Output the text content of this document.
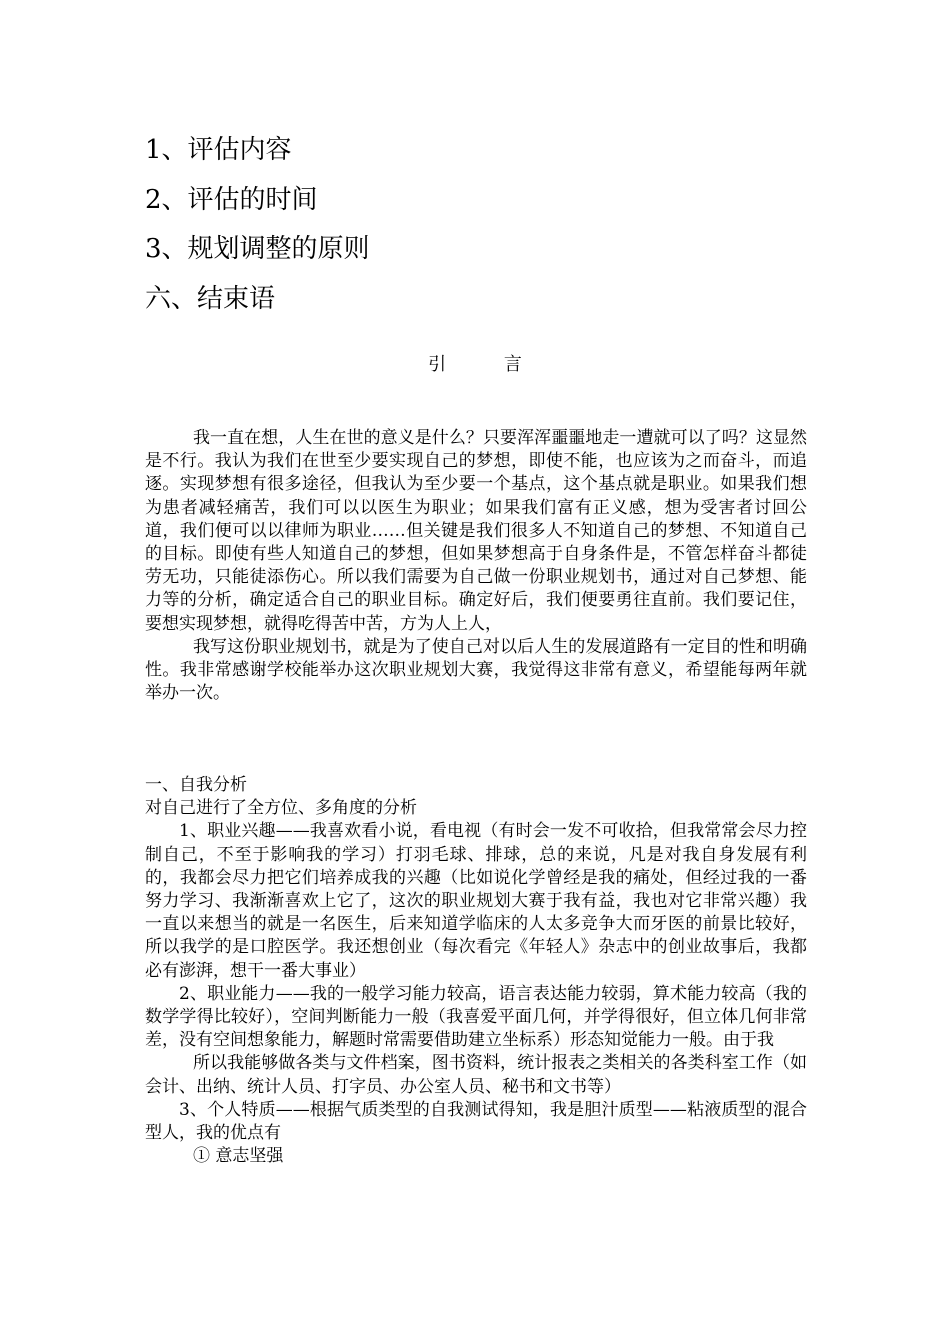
1、评估内容
2、评估的时间
3、规划调整的原则
六、结束语
引 言

我一直在想，人生在世的意义是什么？只要浑浑噩噩地走一遭就可以了吗？这显然是不行。我认为我们在世至少要实现自己的梦想，即使不能，也应该为之而奋斗，而追逐。实现梦想有很多途径，但我认为至少要一个基点，这个基点就是职业。如果我们想为患者减轻痛苦，我们可以以医生为职业；如果我们富有正义感，想为受害者讨回公道，我们便可以以律师为职业……但关键是我们很多人不知道自己的梦想、不知道自己的目标。即使有些人知道自己的梦想，但如果梦想高于自身条件是，不管怎样奋斗都徒劳无功，只能徒添伤心。所以我们需要为自己做一份职业规划书，通过对自己梦想、能力等的分析，确定适合自己的职业目标。确定好后，我们便要勇往直前。我们要记住，要想实现梦想，就得吃得苦中苦，方为人上人，

我写这份职业规划书，就是为了使自己对以后人生的发展道路有一定目的性和明确性。我非常感谢学校能举办这次职业规划大赛，我觉得这非常有意义，希望能每两年就举办一次。

一、自我分析

对自己进行了全方位、多角度的分析

1、职业兴趣——我喜欢看小说，看电视（有时会一发不可收拾，但我常常会尽力控制自己，不至于影响我的学习）打羽毛球、排球，总的来说，凡是对我自身发展有利的，我都会尽力把它们培养成我的兴趣（比如说化学曾经是我的痛处，但经过我的一番努力学习、我渐渐喜欢上它了，这次的职业规划大赛于我有益，我也对它非常兴趣）我一直以来想当的就是一名医生，后来知道学临床的人太多竞争大而牙医的前景比较好，所以我学的是口腔医学。我还想创业（每次看完《年轻人》杂志中的创业故事后，我都必有澎湃，想干一番大事业）

2、职业能力——我的一般学习能力较高，语言表达能力较弱，算术能力较高（我的数学学得比较好），空间判断能力一般（我喜爱平面几何，并学得很好，但立体几何非常差，没有空间想象能力，解题时常需要借助建立坐标系）形态知觉能力一般。由于我

所以我能够做各类与文件档案，图书资料，统计报表之类相关的各类科室工作（如会计、出纳、统计人员、打字员、办公室人员、秘书和文书等）

3、个人特质——根据气质类型的自我测试得知，我是胆汁质型——粘液质型的混合型人，我的优点有

① 意志坚强
